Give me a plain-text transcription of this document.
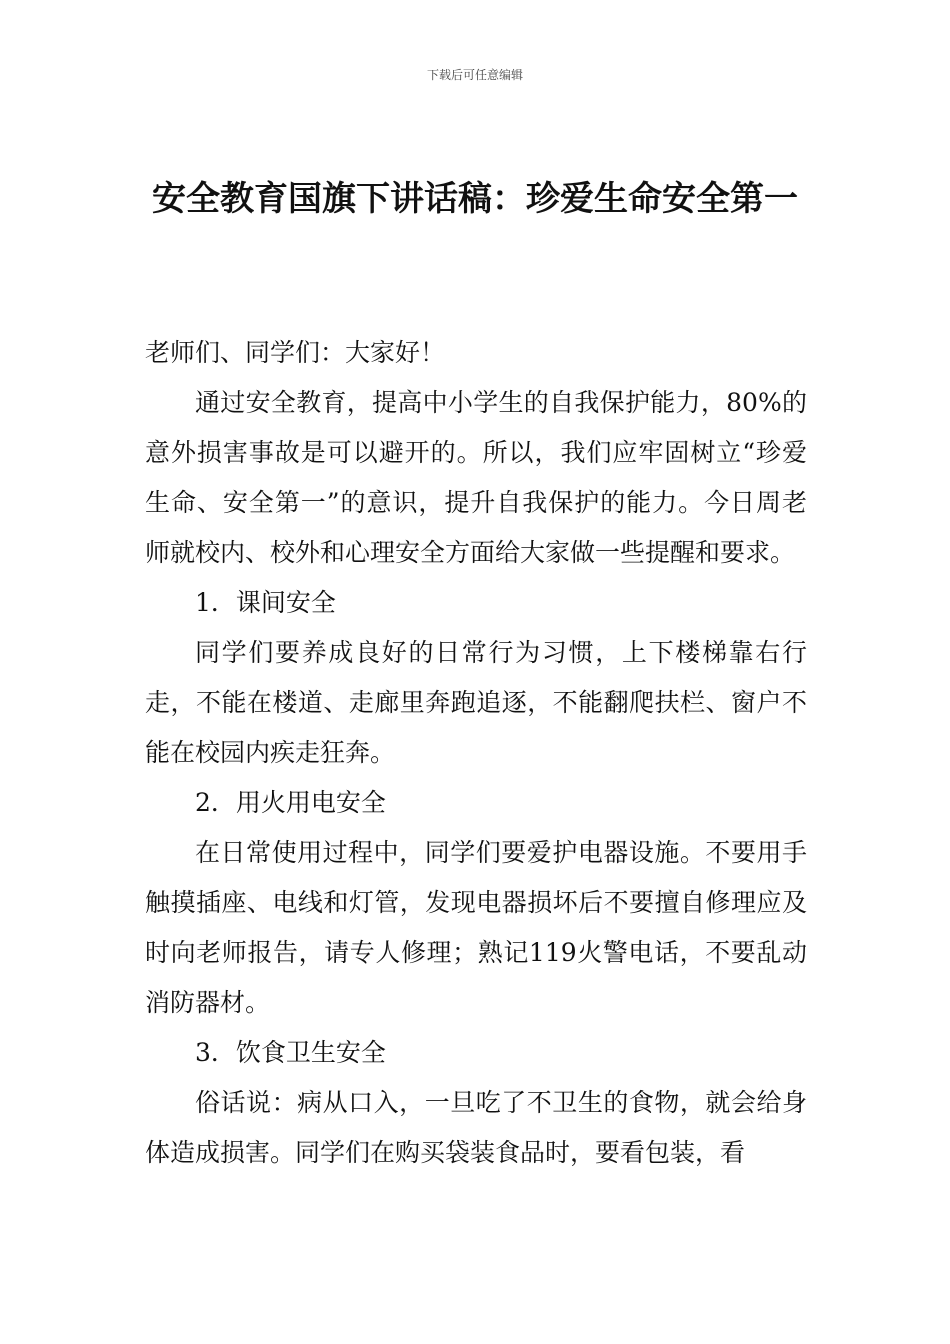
下载后可任意编辑
安全教育国旗下讲话稿：珍爱生命安全第一

老师们、同学们：大家好！

通过安全教育，提高中小学生的自我保护能力，80%的意外损害事故是可以避开的。所以，我们应牢固树立“珍爱生命、安全第一”的意识，提升自我保护的能力。今日周老师就校内、校外和心理安全方面给大家做一些提醒和要求。

1．课间安全

同学们要养成良好的日常行为习惯，上下楼梯靠右行走，不能在楼道、走廊里奔跑追逐，不能翻爬扶栏、窗户不能在校园内疾走狂奔。

2．用火用电安全

在日常使用过程中，同学们要爱护电器设施。不要用手触摸插座、电线和灯管，发现电器损坏后不要擅自修理应及时向老师报告，请专人修理；熟记119火警电话，不要乱动消防器材。

3．饮食卫生安全

俗话说：病从口入，一旦吃了不卫生的食物，就会给身体造成损害。同学们在购买袋装食品时，要看包装，看
